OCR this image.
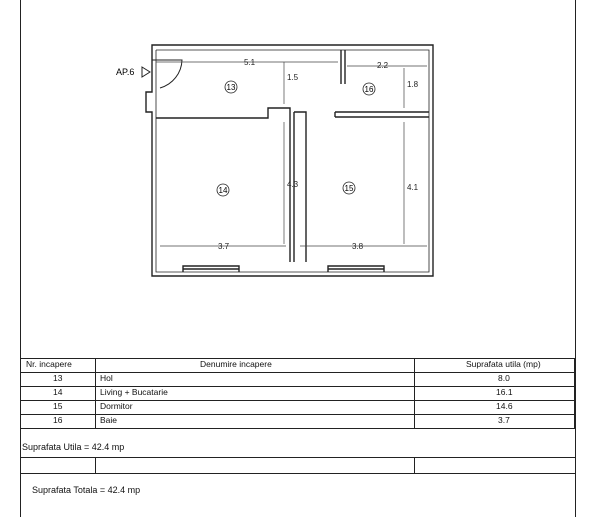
AP.6
5.1	2.2
1.5
1.8
4.3	4.1
3.7	3.8
13
14	15
16
Nr. incapere	Denumire incapere	Suprafata utila (mp)
13	Hol	8.0
14	Living + Bucatarie	16.1
15	Dormitor	14.6
16	Baie	3.7
Suprafata Utila = 42.4 mp
Suprafata Totala = 42.4 mp
